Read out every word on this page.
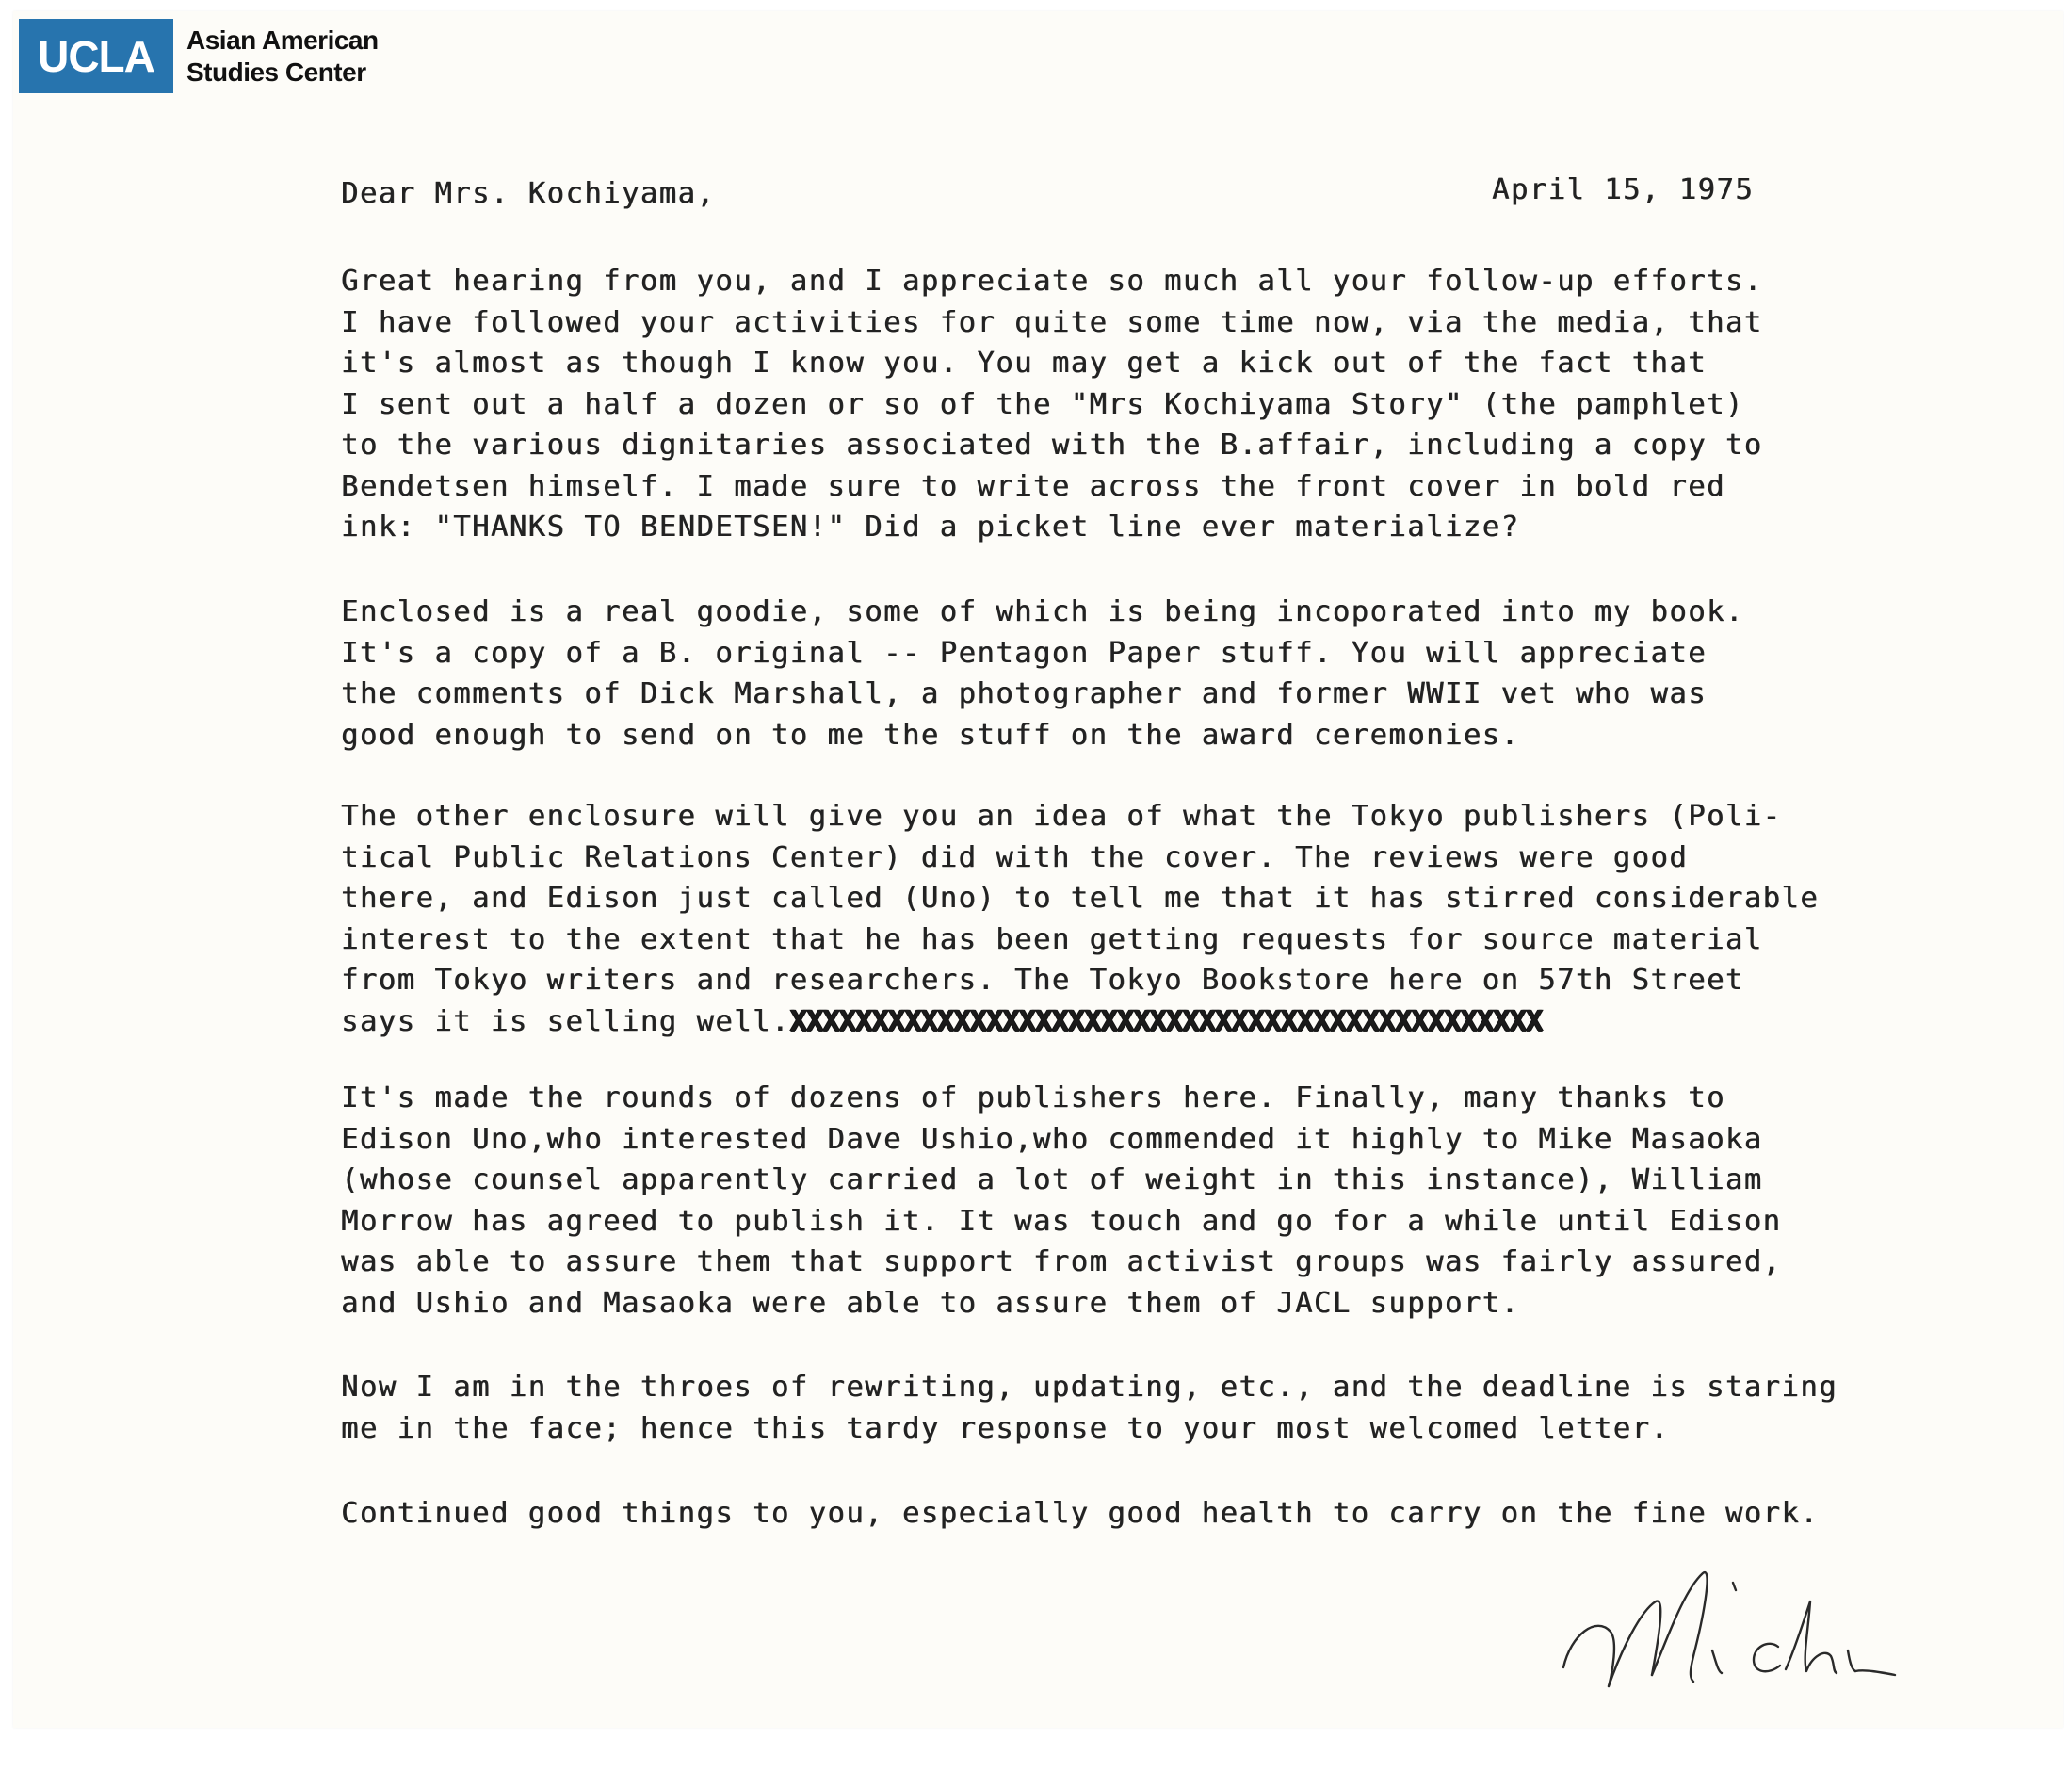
UCLA	Asian American
Studies Center
Dear Mrs. Kochiyama,	April 15, 1975
Great hearing from you, and I appreciate so much all your follow-up efforts.
I have followed your activities for quite some time now, via the media, that
it's almost as though I know you. You may get a kick out of the fact that
I sent out a half a dozen or so of the "Mrs Kochiyama Story" (the pamphlet)
to the various dignitaries associated with the B.affair, including a copy to
Bendetsen himself. I made sure to write across the front cover in bold red
ink: "THANKS TO BENDETSEN!" Did a picket line ever materialize?
Enclosed is a real goodie, some of which is being incoporated into my book.
It's a copy of a B. original -- Pentagon Paper stuff. You will appreciate
the comments of Dick Marshall, a photographer and former WWII vet who was
good enough to send on to me the stuff on the award ceremonies.
The other enclosure will give you an idea of what the Tokyo publishers (Poli-
tical Public Relations Center) did with the cover. The reviews were good
there, and Edison just called (Uno) to tell me that it has stirred considerable
interest to the extent that he has been getting requests for source material
from Tokyo writers and researchers. The Tokyo Bookstore here on 57th Street
says it is selling well.XXXXXXXXXXXXXXXXXXXXXXXXXXXXXXXXXXXXXXXXXXXXXX
It's made the rounds of dozens of publishers here. Finally, many thanks to
Edison Uno,who interested Dave Ushio,who commended it highly to Mike Masaoka
(whose counsel apparently carried a lot of weight in this instance), William
Morrow has agreed to publish it. It was touch and go for a while until Edison
was able to assure them that support from activist groups was fairly assured,
and Ushio and Masaoka were able to assure them of JACL support.
Now I am in the throes of rewriting, updating, etc., and the deadline is staring
me in the face; hence this tardy response to your most welcomed letter.
Continued good things to you, especially good health to carry on the fine work.
